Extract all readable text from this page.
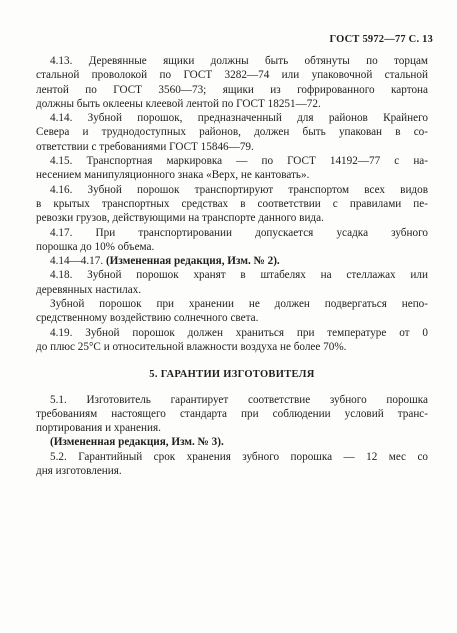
ГОСТ 5972—77 С. 13
4.13. Деревянные ящики должны быть обтянуты по торцам
стальной проволокой по ГОСТ 3282—74 или упаковочной стальной
лентой по ГОСТ 3560—73; ящики из гофрированного картона
должны быть оклеены клеевой лентой по ГОСТ 18251—72.
4.14. Зубной порошок, предназначенный для районов Крайнего
Севера и труднодоступных районов, должен быть упакован в со-
ответствии с требованиями ГОСТ 15846—79.
4.15. Транспортная маркировка — по ГОСТ 14192—77 с на-
несением манипуляционного знака «Верх, не кантовать».
4.16. Зубной порошок транспортируют транспортом всех видов
в крытых транспортных средствах в соответствии с правилами пе-
ревозки грузов, действующими на транспорте данного вида.
4.17. При транспортировании допускается усадка зубного
порошка до 10% объема.
4.14—4.17. (Измененная редакция, Изм. № 2).
4.18. Зубной порошок хранят в штабелях на стеллажах или
деревянных настилах.
Зубной порошок при хранении не должен подвергаться непо-
средственному воздействию солнечного света.
4.19. Зубной порошок должен храниться при температуре от 0
до плюс 25°С и относительной влажности воздуха не более 70%.
5. ГАРАНТИИ ИЗГОТОВИТЕЛЯ
5.1. Изготовитель гарантирует соответствие зубного порошка
требованиям настоящего стандарта при соблюдении условий транс-
портирования и хранения.
(Измененная редакция, Изм. № 3).
5.2. Гарантийный срок хранения зубного порошка — 12 мес со
дня изготовления.
